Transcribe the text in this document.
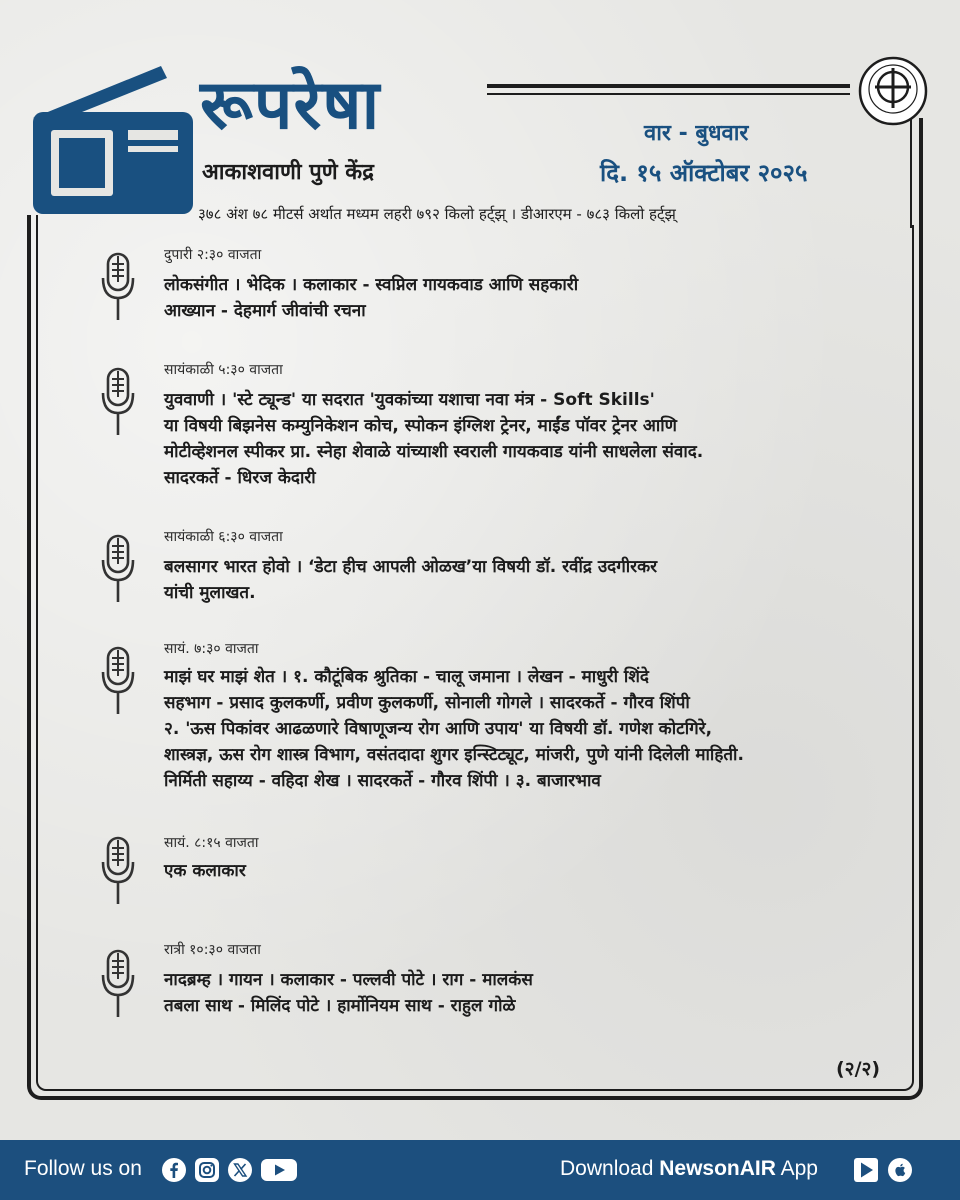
रूपरेषा
आकाशवाणी पुणे केंद्र
वार - बुधवार
दि. १५ ऑक्टोबर २०२५
३७८ अंश ७८ मीटर्स अर्थात मध्यम लहरी ७९२ किलो हर्ट्झ् । डीआरएम - ७८३ किलो हर्ट्झ्
दुपारी २:३० वाजता
लोकसंगीत । भेदिक । कलाकार - स्वप्निल गायकवाड आणि सहकारी
आख्यान - देहमार्ग जीवांची रचना
सायंकाळी ५:३० वाजता
युववाणी । 'स्टे ट्यून्ड' या सदरात 'युवकांच्या यशाचा नवा मंत्र - Soft Skills'
या विषयी बिझनेस कम्युनिकेशन कोच, स्पोकन इंग्लिश ट्रेनर, माईंड पॉवर ट्रेनर आणि
मोटीव्हेशनल स्पीकर प्रा. स्नेहा शेवाळे यांच्याशी स्वराली गायकवाड यांनी साधलेला संवाद.
सादरकर्ते - धिरज केदारी
सायंकाळी ६:३० वाजता
बलसागर भारत होवो । ‘डेटा हीच आपली ओळख’या विषयी डॉ. रवींद्र उदगीरकर
यांची मुलाखत.
सायं. ७:३० वाजता
माझं घर माझं शेत । १. कौटूंबिक श्रुतिका - चालू जमाना । लेखन - माधुरी शिंदे
सहभाग - प्रसाद कुलकर्णी, प्रवीण कुलकर्णी, सोनाली गोगले । सादरकर्ते - गौरव शिंपी
२. 'ऊस पिकांवर आढळणारे विषाणूजन्य रोग आणि उपाय' या विषयी डॉ. गणेश कोटगिरे,
शास्त्रज्ञ, ऊस रोग शास्त्र विभाग, वसंतदादा शुगर इन्स्टिट्यूट, मांजरी, पुणे यांनी दिलेली माहिती.
निर्मिती सहाय्य - वहिदा शेख । सादरकर्ते - गौरव शिंपी । ३. बाजारभाव
सायं. ८:१५ वाजता
एक कलाकार
रात्री १०:३० वाजता
नादब्रम्ह । गायन । कलाकार - पल्लवी पोटे । राग - मालकंस
तबला साथ - मिलिंद पोटे । हार्मोनियम साथ - राहुल गोळे
(२/२)
Follow us on	Download NewsonAIR App
